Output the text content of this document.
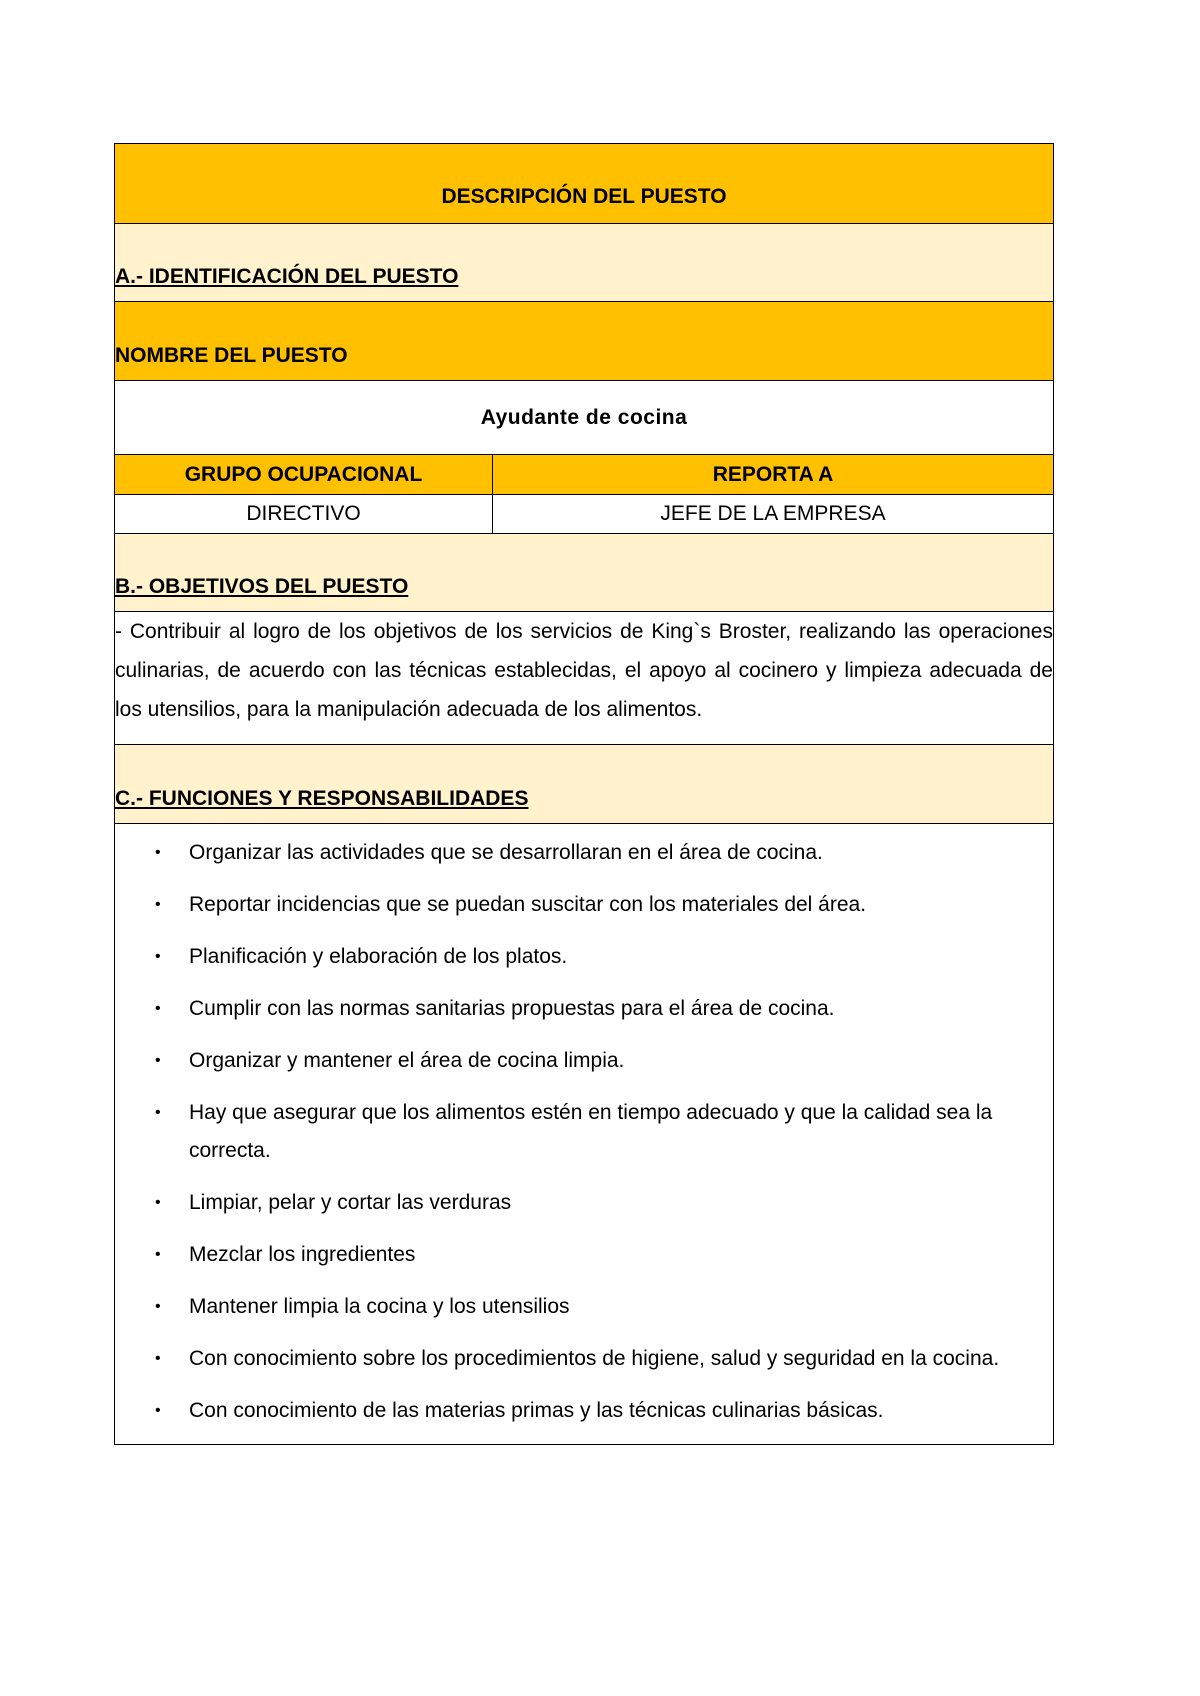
DESCRIPCIÓN DEL PUESTO
A.- IDENTIFICACIÓN DEL PUESTO
NOMBRE DEL PUESTO
Ayudante de cocina
GRUPO OCUPACIONAL	REPORTA A
DIRECTIVO	JEFE DE LA EMPRESA
B.- OBJETIVOS DEL PUESTO

- Contribuir al logro de los objetivos de los servicios de King`s Broster, realizando las operaciones culinarias, de acuerdo con las técnicas establecidas, el apoyo al cocinero y limpieza adecuada de los utensilios, para la manipulación adecuada de los alimentos.

C.- FUNCIONES Y RESPONSABILIDADES
• Organizar las actividades que se desarrollaran en el área de cocina.
• Reportar incidencias que se puedan suscitar con los materiales del área.
• Planificación y elaboración de los platos.
• Cumplir con las normas sanitarias propuestas para el área de cocina.
• Organizar y mantener el área de cocina limpia.
• Hay que asegurar que los alimentos estén en tiempo adecuado y que la calidad sea la correcta.
• Limpiar, pelar y cortar las verduras
• Mezclar los ingredientes
• Mantener limpia la cocina y los utensilios
• Con conocimiento sobre los procedimientos de higiene, salud y seguridad en la cocina.
• Con conocimiento de las materias primas y las técnicas culinarias básicas.
